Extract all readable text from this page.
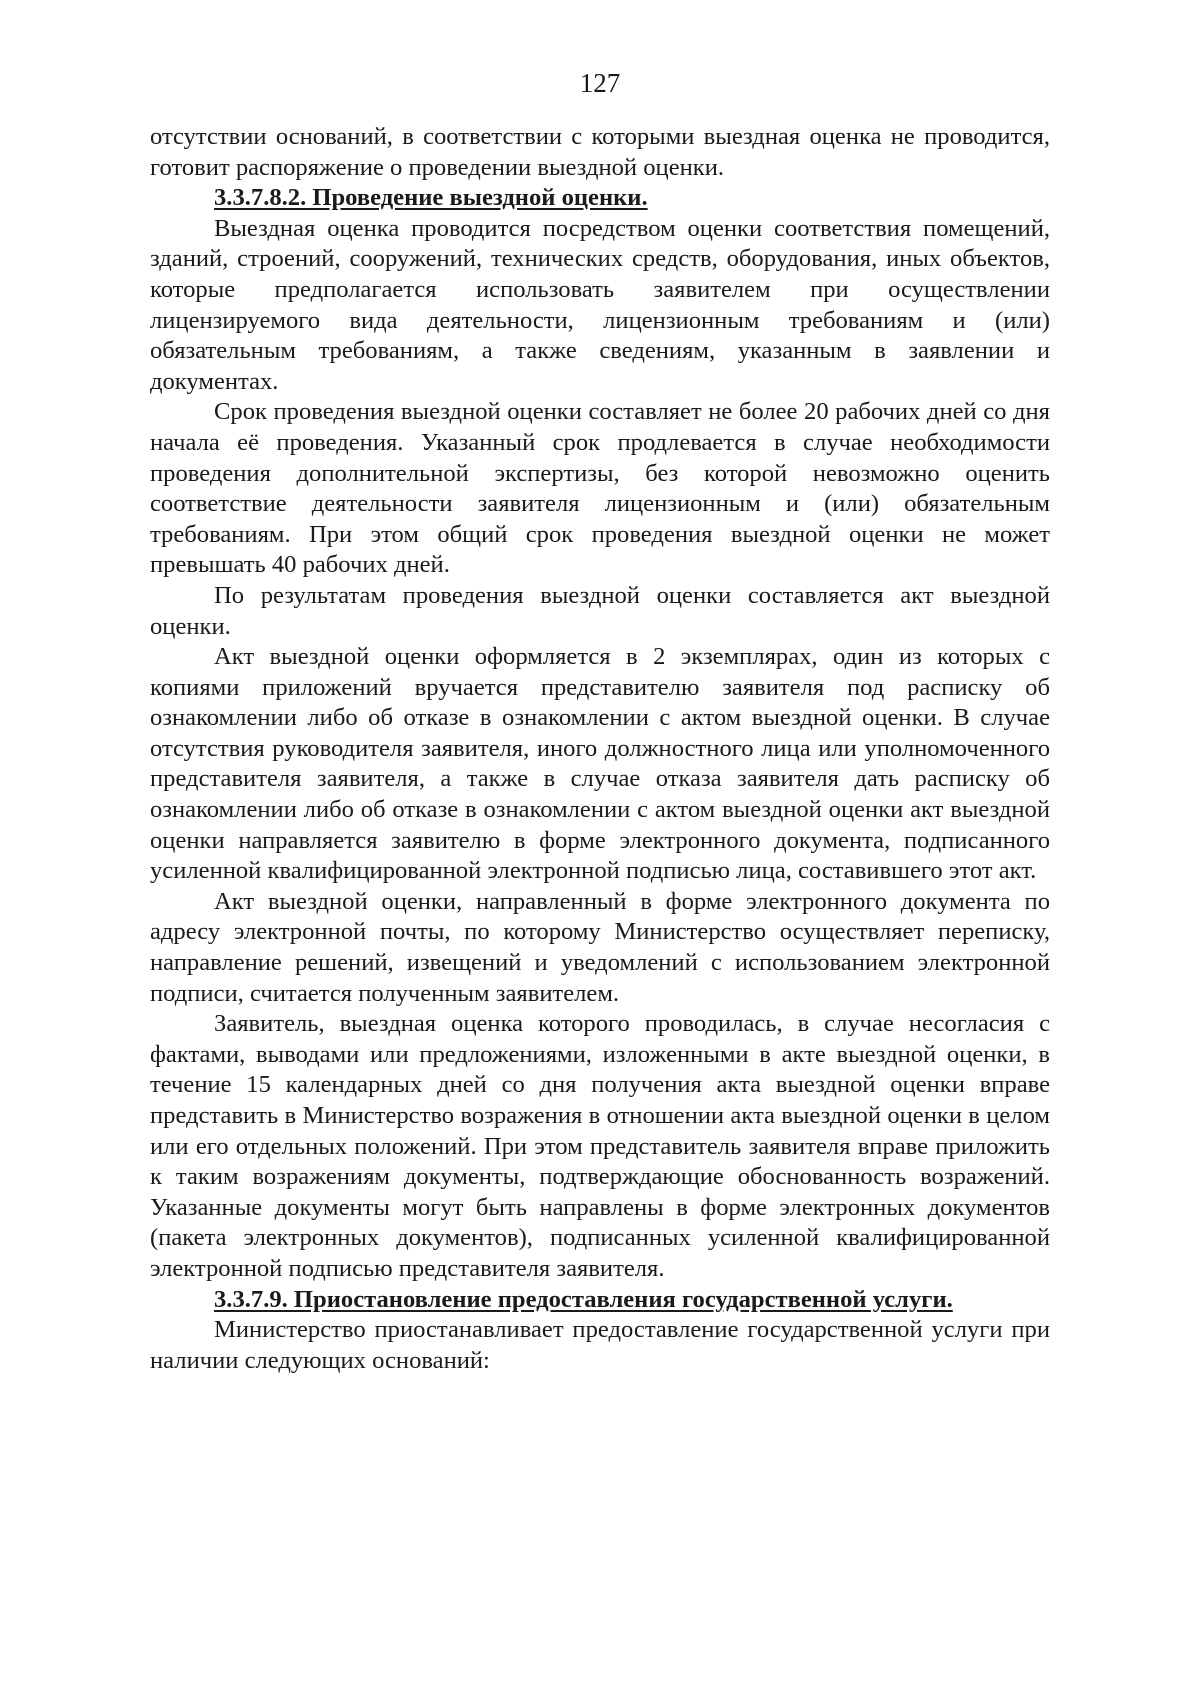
127

отсутствии оснований, в соответствии с которыми выездная оценка не проводится, готовит распоряжение о проведении выездной оценки.

3.3.7.8.2. Проведение выездной оценки.

Выездная оценка проводится посредством оценки соответствия помещений, зданий, строений, сооружений, технических средств, оборудования, иных объектов, которые предполагается использовать заявителем при осуществлении лицензируемого вида деятельности, лицензионным требованиям и (или) обязательным требованиям, а также сведениям, указанным в заявлении и документах.

Срок проведения выездной оценки составляет не более 20 рабочих дней со дня начала её проведения. Указанный срок продлевается в случае необходимости проведения дополнительной экспертизы, без которой невозможно оценить соответствие деятельности заявителя лицензионным и (или) обязательным требованиям. При этом общий срок проведения выездной оценки не может превышать 40 рабочих дней.

По результатам проведения выездной оценки составляется акт выездной оценки.

Акт выездной оценки оформляется в 2 экземплярах, один из которых с копиями приложений вручается представителю заявителя под расписку об ознакомлении либо об отказе в ознакомлении с актом выездной оценки. В случае отсутствия руководителя заявителя, иного должностного лица или уполномоченного представителя заявителя, а также в случае отказа заявителя дать расписку об ознакомлении либо об отказе в ознакомлении с актом выездной оценки акт выездной оценки направляется заявителю в форме электронного документа, подписанного усиленной квалифицированной электронной подписью лица, составившего этот акт.

Акт выездной оценки, направленный в форме электронного документа по адресу электронной почты, по которому Министерство осуществляет переписку, направление решений, извещений и уведомлений с использованием электронной подписи, считается полученным заявителем.

Заявитель, выездная оценка которого проводилась, в случае несогласия с фактами, выводами или предложениями, изложенными в акте выездной оценки, в течение 15 календарных дней со дня получения акта выездной оценки вправе представить в Министерство возражения в отношении акта выездной оценки в целом или его отдельных положений. При этом представитель заявителя вправе приложить к таким возражениям документы, подтверждающие обоснованность возражений. Указанные документы могут быть направлены в форме электронных документов (пакета электронных документов), подписанных усиленной квалифицированной электронной подписью представителя заявителя.

3.3.7.9. Приостановление предоставления государственной услуги.

Министерство приостанавливает предоставление государственной услуги при наличии следующих оснований:
